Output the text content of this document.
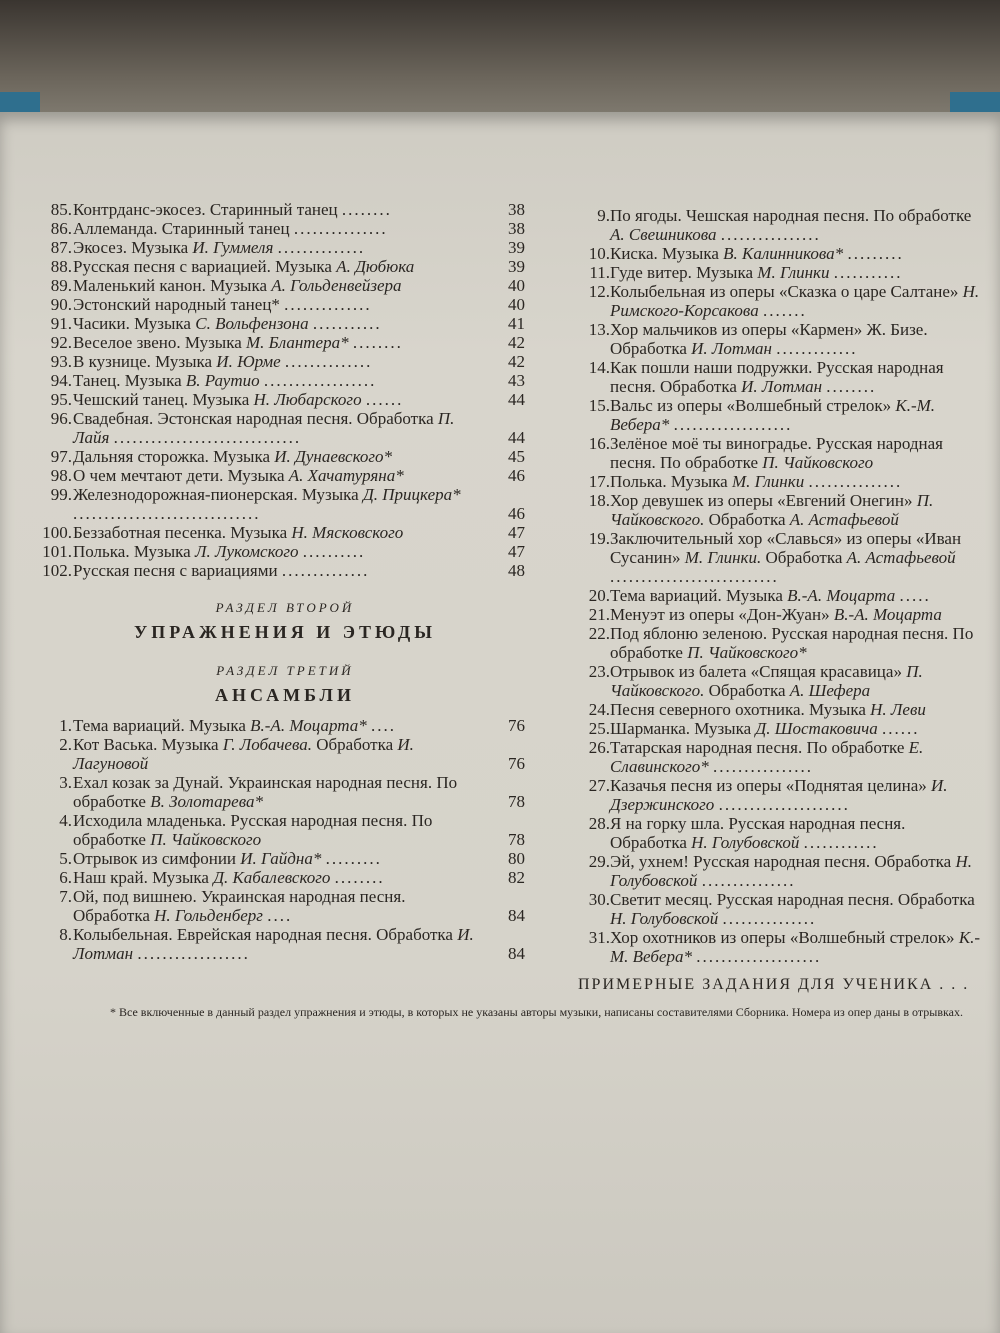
85. Контрданс-экосез. Старинный танец ........	38
86. Аллеманда. Старинный танец ...............	38
87. Экосез. Музыка И. Гуммеля ..............	39
88. Русская песня с вариацией. Музыка А. Дюбюка	39
89. Маленький канон. Музыка А. Гольденвейзера	40
90. Эстонский народный танец* ..............	40
91. Часики. Музыка С. Вольфензона ...........	41
92. Веселое звено. Музыка М. Блантера* ........	42
93. В кузнице. Музыка И. Юрме ..............	42
94. Танец. Музыка В. Раутио ..................	43
95. Чешский танец. Музыка Н. Любарского ......	44
96. Свадебная. Эстонская народная песня. Обработка П. Лайя ..............................	44
97. Дальняя сторожка. Музыка И. Дунаевского*	45
98. О чем мечтают дети. Музыка А. Хачатуряна*	46
99. Железнодорожная-пионерская. Музыка Д. Прицкера* ..............................	46
100. Беззаботная песенка. Музыка Н. Мясковского	47
101. Полька. Музыка Л. Лукомского ..........	47
102. Русская песня с вариациями ..............	48
РАЗДЕЛ ВТОРОЙ
УПРАЖНЕНИЯ И ЭТЮДЫ
РАЗДЕЛ ТРЕТИЙ
АНСАМБЛИ
1. Тема вариаций. Музыка В.-А. Моцарта* ....	76
2. Кот Васька. Музыка Г. Лобачева. Обработка И. Лагуновой	76
3. Ехал козак за Дунай. Украинская народная песня. По обработке В. Золотарева*	78
4. Исходила младенька. Русская народная песня. По обработке П. Чайковского	78
5. Отрывок из симфонии И. Гайдна* .........	80
6. Наш край. Музыка Д. Кабалевского ........	82
7. Ой, под вишнею. Украинская народная песня. Обработка Н. Гольденберг ....	84
8. Колыбельная. Еврейская народная песня. Обработка И. Лотман ..................	84
9. По ягоды. Чешская народная песня. По обработке А. Свешникова ................
10. Киска. Музыка В. Калинникова* .........
11. Гуде витер. Музыка М. Глинки ...........
12. Колыбельная из оперы «Сказка о царе Салтане» Н. Римского-Корсакова .......
13. Хор мальчиков из оперы «Кармен» Ж. Бизе. Обработка И. Лотман .............
14. Как пошли наши подружки. Русская народная песня. Обработка И. Лотман ........
15. Вальс из оперы «Волшебный стрелок» К.-М. Вебера* ...................
16. Зелёное моё ты виноградье. Русская народная песня. По обработке П. Чайковского
17. Полька. Музыка М. Глинки ...............
18. Хор девушек из оперы «Евгений Онегин» П. Чайковского. Обработка А. Астафьевой
19. Заключительный хор «Славься» из оперы «Иван Сусанин» М. Глинки. Обработка А. Астафьевой ...........................
20. Тема вариаций. Музыка В.-А. Моцарта .....
21. Менуэт из оперы «Дон-Жуан» В.-А. Моцарта
22. Под яблоню зеленою. Русская народная песня. По обработке П. Чайковского*
23. Отрывок из балета «Спящая красавица» П. Чайковского. Обработка А. Шефера
24. Песня северного охотника. Музыка Н. Леви
25. Шарманка. Музыка Д. Шостаковича ......
26. Татарская народная песня. По обработке Е. Славинского* ................
27. Казачья песня из оперы «Поднятая целина» И. Дзержинского .....................
28. Я на горку шла. Русская народная песня. Обработка Н. Голубовской ............
29. Эй, ухнем! Русская народная песня. Обработка Н. Голубовской ...............
30. Светит месяц. Русская народная песня. Обработка Н. Голубовской ...............
31. Хор охотников из оперы «Волшебный стрелок» К.-М. Вебера* ....................
ПРИМЕРНЫЕ ЗАДАНИЯ ДЛЯ УЧЕНИКА . . .
* Все включенные в данный раздел упражнения и этюды, в которых не указаны авторы музыки, написаны составителями Сборника. Номера из опер даны в отрывках.
